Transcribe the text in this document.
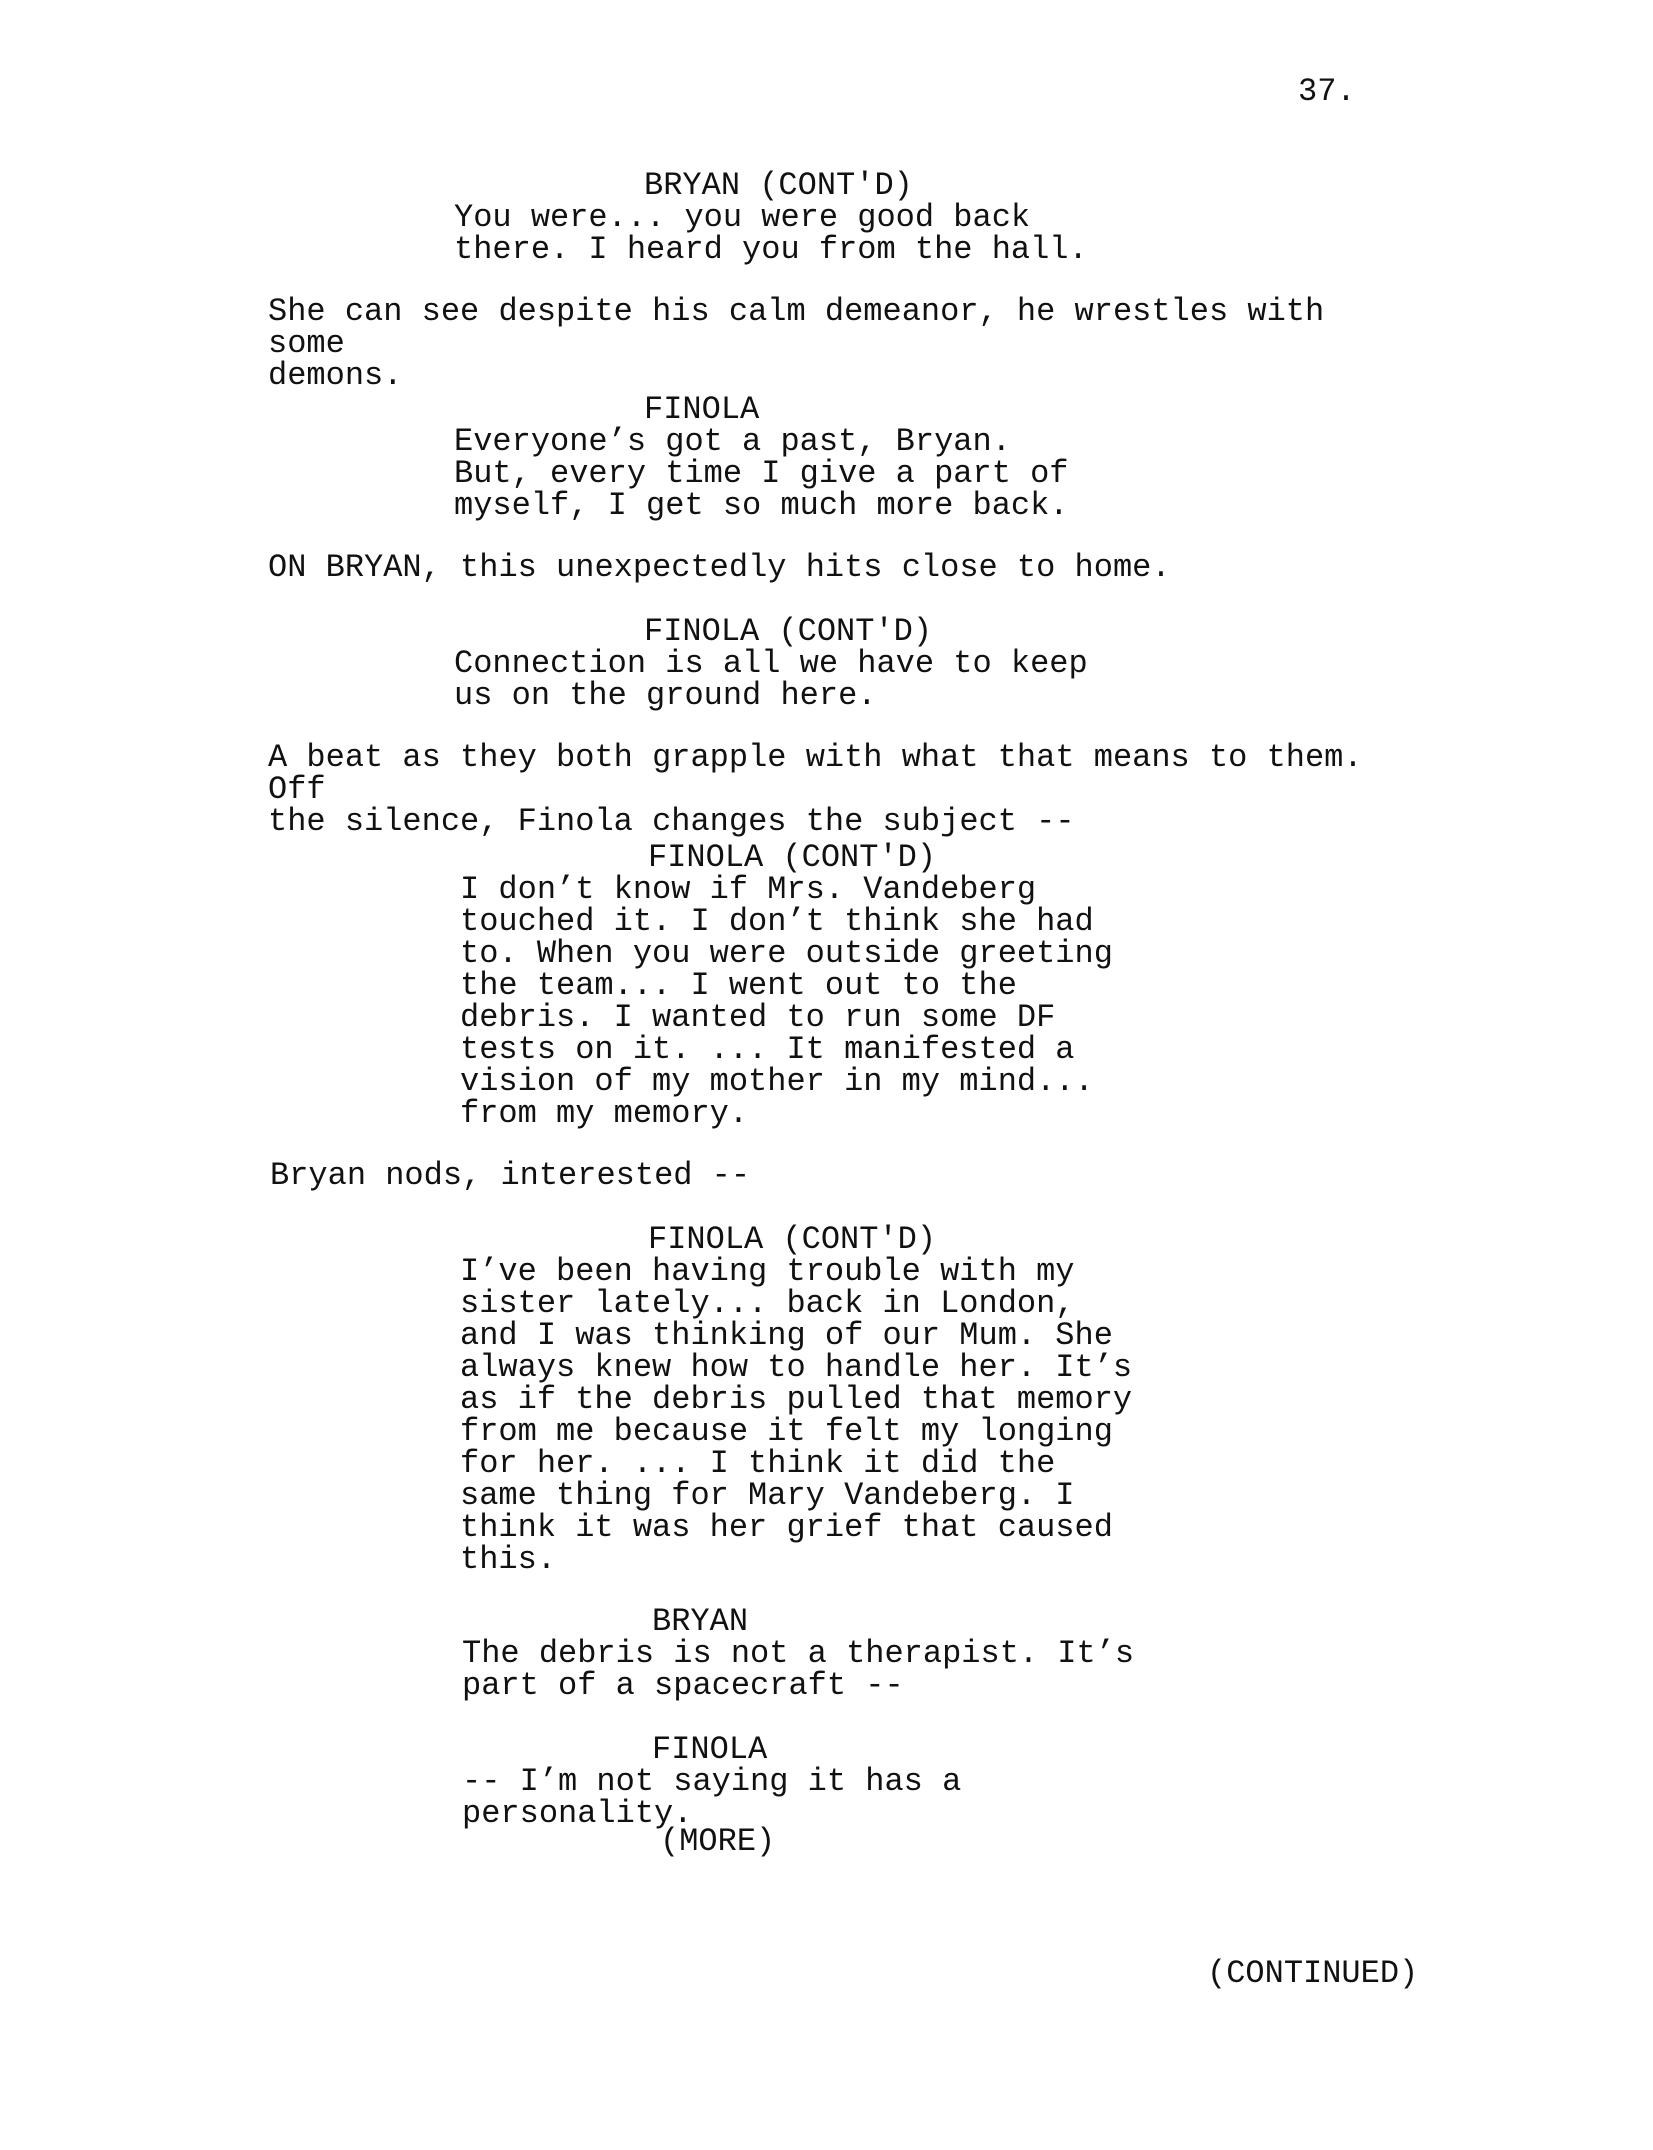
37.
BRYAN (CONT'D)
You were... you were good back
there. I heard you from the hall.
She can see despite his calm demeanor, he wrestles with some
demons.
FINOLA
Everyone’s got a past, Bryan.
But, every time I give a part of
myself, I get so much more back.
ON BRYAN, this unexpectedly hits close to home.
FINOLA (CONT'D)
Connection is all we have to keep
us on the ground here.
A beat as they both grapple with what that means to them. Off
the silence, Finola changes the subject --
FINOLA (CONT'D)
I don’t know if Mrs. Vandeberg
touched it. I don’t think she had
to. When you were outside greeting
the team... I went out to the
debris. I wanted to run some DF
tests on it. ... It manifested a
vision of my mother in my mind...
from my memory.
Bryan nods, interested --
FINOLA (CONT'D)
I’ve been having trouble with my
sister lately... back in London,
and I was thinking of our Mum. She
always knew how to handle her. It’s
as if the debris pulled that memory
from me because it felt my longing
for her. ... I think it did the
same thing for Mary Vandeberg. I
think it was her grief that caused
this.
BRYAN
The debris is not a therapist. It’s
part of a spacecraft --
FINOLA
-- I’m not saying it has a
personality.
(MORE)
(CONTINUED)
